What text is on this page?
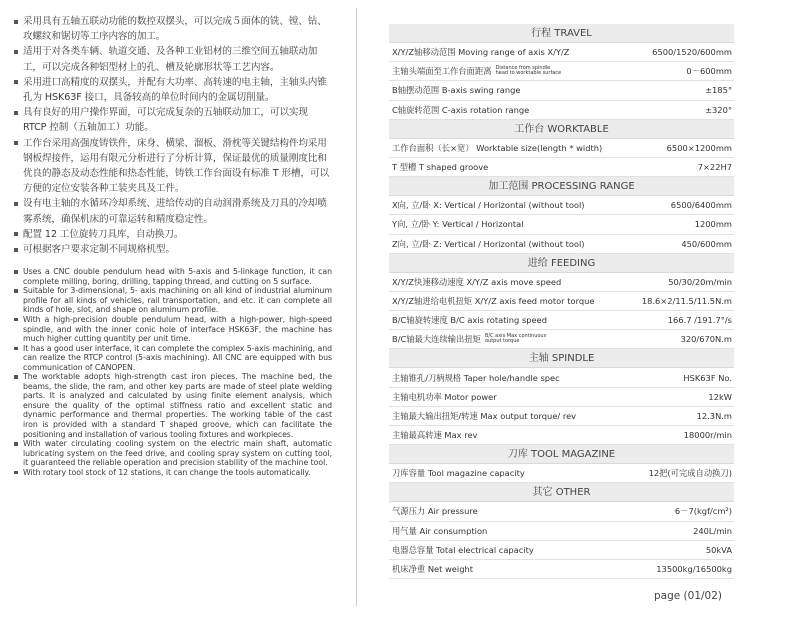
采用具有五轴五联动功能的数控双摆头，可以完成５面体的铣、镗、钻、攻螺纹和锯切等工序内容的加工。
适用于对各类车辆、轨道交通、及各种工业铝材的三维空间五轴联动加工，可以完成各种铝型材上的孔、槽及轮廓形状等工艺内容。
采用进口高精度的双摆头，并配有大功率、高转速的电主轴，主轴头内锥孔为 HSK63F 接口，具备较高的单位时间内的金属切削量。
具有良好的用户操作界面，可以完成复杂的五轴联动加工，可以实现 RTCP 控制（五轴加工）功能。
工作台采用高强度铸铁件，床身、横梁、溜板、滑枕等关键结构件均采用钢板焊接件，运用有限元分析进行了分析计算，保证最优的质量刚度比和优良的静态及动态性能和热态性能，铸铁工作台面设有标准 T 形槽，可以方便的定位安装各种工装夹具及工件。
设有电主轴的水循环冷却系统、进给传动的自动润滑系统及刀具的冷却喷雾系统，确保机床的可靠运转和精度稳定性。
配置 12 工位旋转刀具库，自动换刀。
可根据客户要求定制不同规格机型。
Uses a CNC double pendulum head with 5-axis and 5-linkage function, it can complete milling, boring, drilling, tapping thread, and cutting on 5 surface.
Suitable for 3-dimensional, 5- axis machining on all kind of industrial aluminum profile for all kinds of vehicles, rail transportation, and etc. it can complete all kinds of hole, slot, and shape on aluminum profile.
With a high-precision double pendulum head, with a high-power, high-speed spindle, and with the inner conic hole of interface HSK63F, the machine has much higher cutting quantity per unit time.
It has a good user interface, it can complete the complex 5-axis machining, and can realize the RTCP control (5-axis machining). All CNC are equipped with bus communication of CANOPEN.
The worktable adopts high-strength cast iron pieces. The machine bed, the beams, the slide, the ram, and other key parts are made of steel plate welding parts. It is analyzed and calculated by using finite element analysis, which ensure the quality of the optimal stiffness ratio and excellent static and dynamic performance and thermal properties. The working table of the cast iron is provided with a standard T shaped groove, which can facilitate the positioning and installation of various tooling fixtures and workpieces.
With water circulating cooling system on the electric main shaft, automatic lubricating system on the feed drive, and cooling spray system on cutting tool, it guaranteed the reliable operation and precision stability of the machine tool.
With rotary tool stock of 12 stations, it can change the tools automatically.
行程 TRAVEL
X/Y/Z轴移动范围 Moving range of axis X/Y/Z	6500/1520/600mm
主轴头端面至工作台面距离 Distance from spindle
head to worktable surface	0－600mm
B轴摆动范围 B-axis swing range	±185°
C轴旋转范围 C-axis rotation range	±320°
工作台 WORKTABLE
工作台面积（长×宽） Worktable size(length * width)	6500×1200mm
T 型槽 T shaped groove	7×22H7
加工范围 PROCESSING RANGE
X向, 立/卧 X: Vertical / Horizontal (without tool)	6500/6400mm
Y向, 立/卧 Y: Vertical / Horizontal	1200mm
Z向, 立/卧 Z: Vertical / Horizontal (without tool)	450/600mm
进给 FEEDING
X/Y/Z快速移动速度 X/Y/Z axis move speed	50/30/20m/min
X/Y/Z轴进给电机扭矩 X/Y/Z axis feed motor torque	18.6×2/11.5/11.5N.m
B/C轴旋转速度 B/C axis rotating speed	166.7 /191.7°/s
B/C轴最大连续输出扭矩 B/C axis Max continuous
output torque	320/670N.m
主轴 SPINDLE
主轴锥孔/刀柄规格 Taper hole/handle spec	HSK63F No.
主轴电机功率 Motor power	12kW
主轴最大输出扭矩/转速 Max output torque/ rev	12.3N.m
主轴最高转速 Max rev	18000r/min
刀库 TOOL MAGAZINE
刀库容量 Tool magazine capacity	12把(可完成自动换刀)
其它 OTHER
气源压力 Air pressure	6－7(kgf/cm²)
用气量 Air consumption	240L/min
电器总容量 Total electrical capacity	50kVA
机床净重 Net weight	13500kg/16500kg
page (01/02)
